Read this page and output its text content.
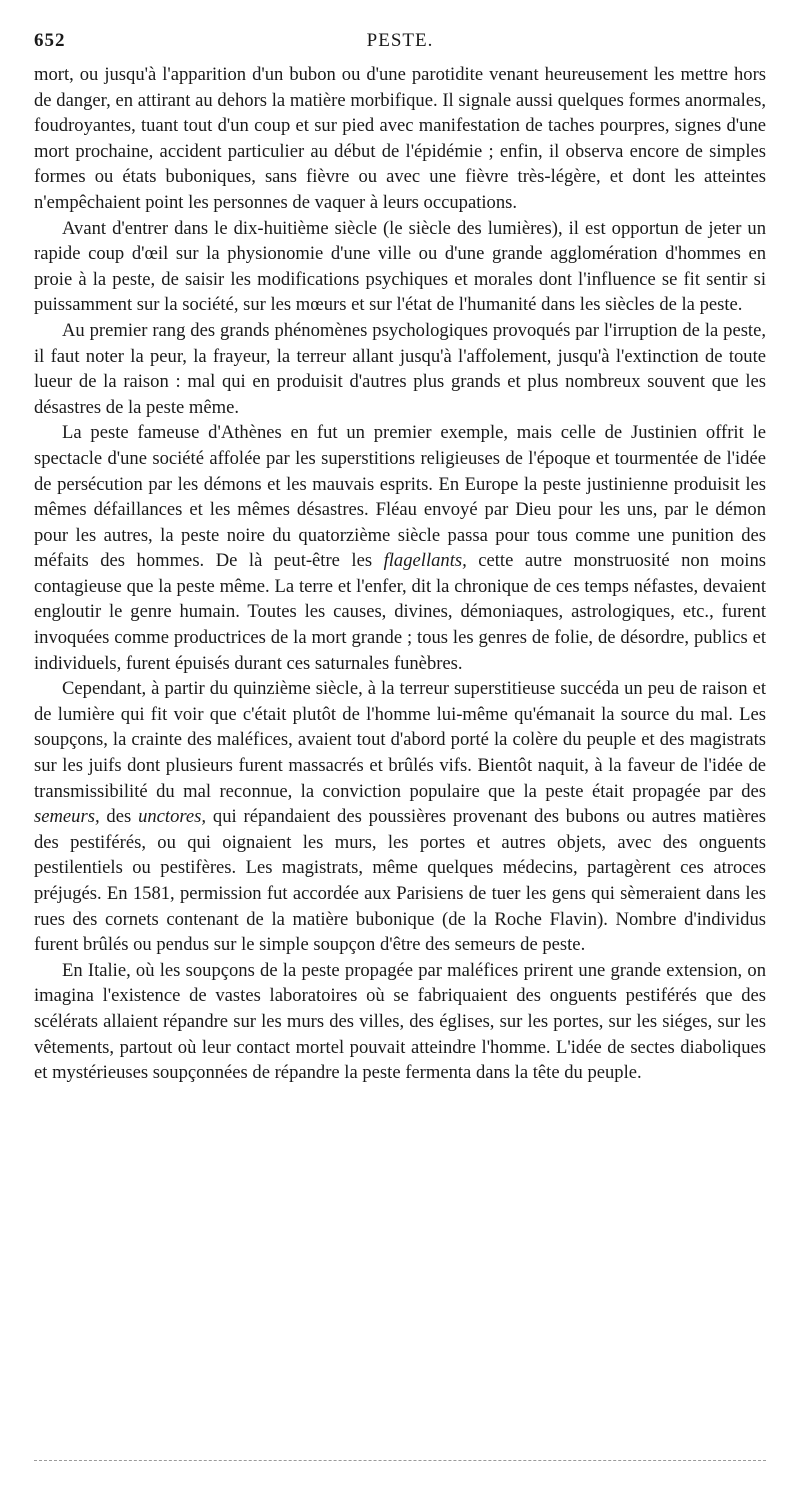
652	PESTE.

mort, ou jusqu'à l'apparition d'un bubon ou d'une parotidite venant heureusement les mettre hors de danger, en attirant au dehors la matière morbifique. Il signale aussi quelques formes anormales, foudroyantes, tuant tout d'un coup et sur pied avec manifestation de taches pourpres, signes d'une mort prochaine, accident particulier au début de l'épidémie ; enfin, il observa encore de simples formes ou états buboniques, sans fièvre ou avec une fièvre très-légère, et dont les atteintes n'empêchaient point les personnes de vaquer à leurs occupations.

Avant d'entrer dans le dix-huitième siècle (le siècle des lumières), il est opportun de jeter un rapide coup d'œil sur la physionomie d'une ville ou d'une grande agglomération d'hommes en proie à la peste, de saisir les modifications psychiques et morales dont l'influence se fit sentir si puissamment sur la société, sur les mœurs et sur l'état de l'humanité dans les siècles de la peste.

Au premier rang des grands phénomènes psychologiques provoqués par l'irruption de la peste, il faut noter la peur, la frayeur, la terreur allant jusqu'à l'affolement, jusqu'à l'extinction de toute lueur de la raison : mal qui en produisit d'autres plus grands et plus nombreux souvent que les désastres de la peste même.

La peste fameuse d'Athènes en fut un premier exemple, mais celle de Justinien offrit le spectacle d'une société affolée par les superstitions religieuses de l'époque et tourmentée de l'idée de persécution par les démons et les mauvais esprits. En Europe la peste justinienne produisit les mêmes défaillances et les mêmes désastres. Fléau envoyé par Dieu pour les uns, par le démon pour les autres, la peste noire du quatorzième siècle passa pour tous comme une punition des méfaits des hommes. De là peut-être les flagellants, cette autre monstruosité non moins contagieuse que la peste même. La terre et l'enfer, dit la chronique de ces temps néfastes, devaient engloutir le genre humain. Toutes les causes, divines, démoniaques, astrologiques, etc., furent invoquées comme productrices de la mort grande ; tous les genres de folie, de désordre, publics et individuels, furent épuisés durant ces saturnales funèbres.

Cependant, à partir du quinzième siècle, à la terreur superstitieuse succéda un peu de raison et de lumière qui fit voir que c'était plutôt de l'homme lui-même qu'émanait la source du mal. Les soupçons, la crainte des maléfices, avaient tout d'abord porté la colère du peuple et des magistrats sur les juifs dont plusieurs furent massacrés et brûlés vifs. Bientôt naquit, à la faveur de l'idée de transmissibilité du mal reconnue, la conviction populaire que la peste était propagée par des semeurs, des unctores, qui répandaient des poussières provenant des bubons ou autres matières des pestiférés, ou qui oignaient les murs, les portes et autres objets, avec des onguents pestilentiels ou pestifères. Les magistrats, même quelques médecins, partagèrent ces atroces préjugés. En 1581, permission fut accordée aux Parisiens de tuer les gens qui sèmeraient dans les rues des cornets contenant de la matière bubonique (de la Roche Flavin). Nombre d'individus furent brûlés ou pendus sur le simple soupçon d'être des semeurs de peste.

En Italie, où les soupçons de la peste propagée par maléfices prirent une grande extension, on imagina l'existence de vastes laboratoires où se fabriquaient des onguents pestiférés que des scélérats allaient répandre sur les murs des villes, des églises, sur les portes, sur les siéges, sur les vêtements, partout où leur contact mortel pouvait atteindre l'homme. L'idée de sectes diaboliques et mystérieuses soupçonnées de répandre la peste fermenta dans la tête du peuple.
